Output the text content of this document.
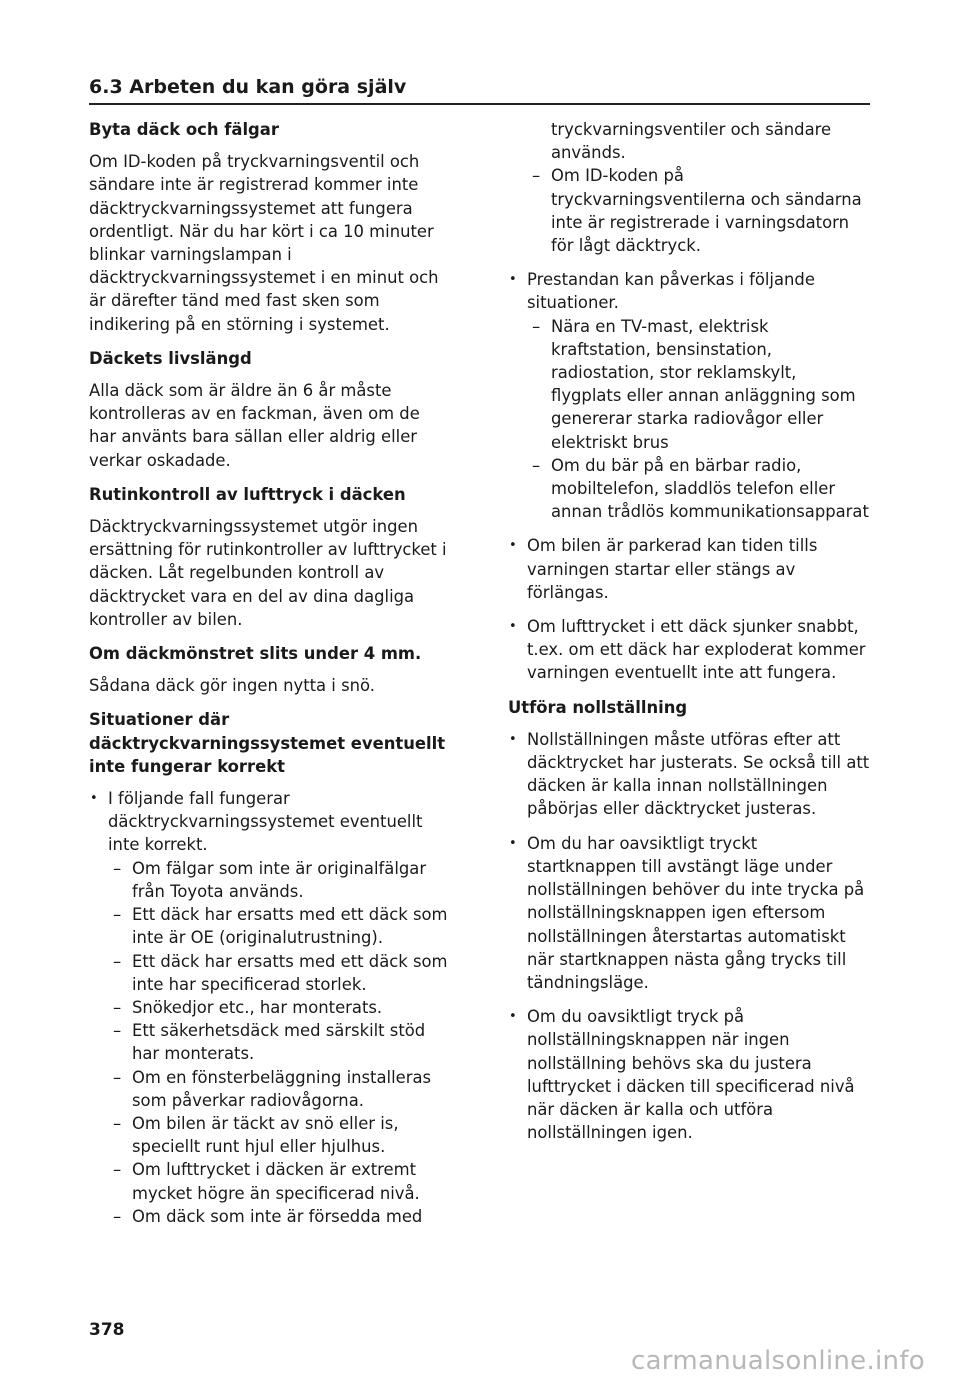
6.3 Arbeten du kan göra själv
Byta däck och fälgar
Om ID-koden på tryckvarningsventil och sändare inte är registrerad kommer inte däcktryckvarningssystemet att fungera ordentligt. När du har kört i ca 10 minuter blinkar varningslampan i däcktryckvarningssystemet i en minut och är därefter tänd med fast sken som indikering på en störning i systemet.
Däckets livslängd
Alla däck som är äldre än 6 år måste kontrolleras av en fackman, även om de har använts bara sällan eller aldrig eller verkar oskadade.
Rutinkontroll av lufttryck i däcken
Däcktryckvarningssystemet utgör ingen ersättning för rutinkontroller av lufttrycket i däcken. Låt regelbunden kontroll av däcktrycket vara en del av dina dagliga kontroller av bilen.
Om däckmönstret slits under 4 mm.
Sådana däck gör ingen nytta i snö.
Situationer där däcktryckvarningssystemet eventuellt inte fungerar korrekt
• I följande fall fungerar däcktryckvarningssystemet eventuellt inte korrekt.
– Om fälgar som inte är originalfälgar från Toyota används.
– Ett däck har ersatts med ett däck som inte är OE (originalutrustning).
– Ett däck har ersatts med ett däck som inte har specificerad storlek.
– Snökedjor etc., har monterats.
– Ett säkerhetsdäck med särskilt stöd har monterats.
– Om en fönsterbeläggning installeras som påverkar radiovågorna.
– Om bilen är täckt av snö eller is, speciellt runt hjul eller hjulhus.
– Om lufttrycket i däcken är extremt mycket högre än specificerad nivå.
– Om däck som inte är försedda med
tryckvarningsventiler och sändare används.
– Om ID-koden på tryckvarningsventilerna och sändarna inte är registrerade i varningsdatorn för lågt däcktryck.
• Prestandan kan påverkas i följande situationer.
– Nära en TV-mast, elektrisk kraftstation, bensinstation, radiostation, stor reklamskylt, flygplats eller annan anläggning som genererar starka radiovågor eller elektriskt brus
– Om du bär på en bärbar radio, mobiltelefon, sladdlös telefon eller annan trådlös kommunikationsapparat
• Om bilen är parkerad kan tiden tills varningen startar eller stängs av förlängas.
• Om lufttrycket i ett däck sjunker snabbt, t.ex. om ett däck har exploderat kommer varningen eventuellt inte att fungera.
Utföra nollställning
• Nollställningen måste utföras efter att däcktrycket har justerats. Se också till att däcken är kalla innan nollställningen påbörjas eller däcktrycket justeras.
• Om du har oavsiktligt tryckt startknappen till avstängt läge under nollställningen behöver du inte trycka på nollställningsknappen igen eftersom nollställningen återstartas automatiskt när startknappen nästa gång trycks till tändningsläge.
• Om du oavsiktligt tryck på nollställningsknappen när ingen nollställning behövs ska du justera lufttrycket i däcken till specificerad nivå när däcken är kalla och utföra nollställningen igen.
378
carmanualsonline.info
